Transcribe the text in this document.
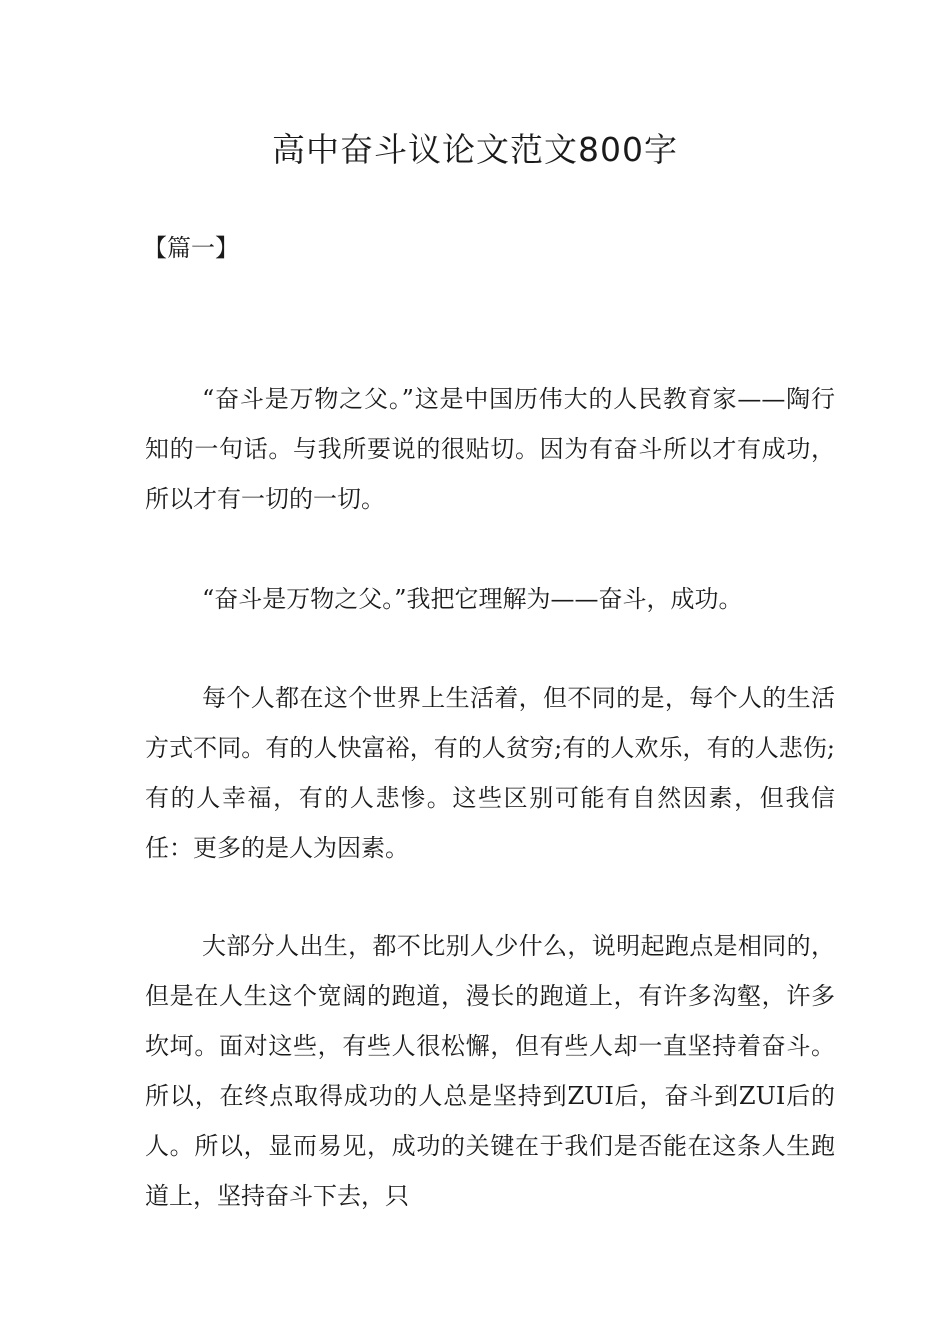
高中奋斗议论文范文800字
【篇一】

“奋斗是万物之父。”这是中国历伟大的人民教育家——陶行知的一句话。与我所要说的很贴切。因为有奋斗所以才有成功，所以才有一切的一切。

“奋斗是万物之父。”我把它理解为——奋斗，成功。

每个人都在这个世界上生活着，但不同的是，每个人的生活方式不同。有的人快富裕，有的人贫穷;有的人欢乐，有的人悲伤;有的人幸福，有的人悲惨。这些区别可能有自然因素，但我信任：更多的是人为因素。

大部分人出生，都不比别人少什么，说明起跑点是相同的，但是在人生这个宽阔的跑道，漫长的跑道上，有许多沟壑，许多坎坷。面对这些，有些人很松懈，但有些人却一直坚持着奋斗。所以，在终点取得成功的人总是坚持到ZUI后，奋斗到ZUI后的人。所以，显而易见，成功的关键在于我们是否能在这条人生跑道上，坚持奋斗下去，只
